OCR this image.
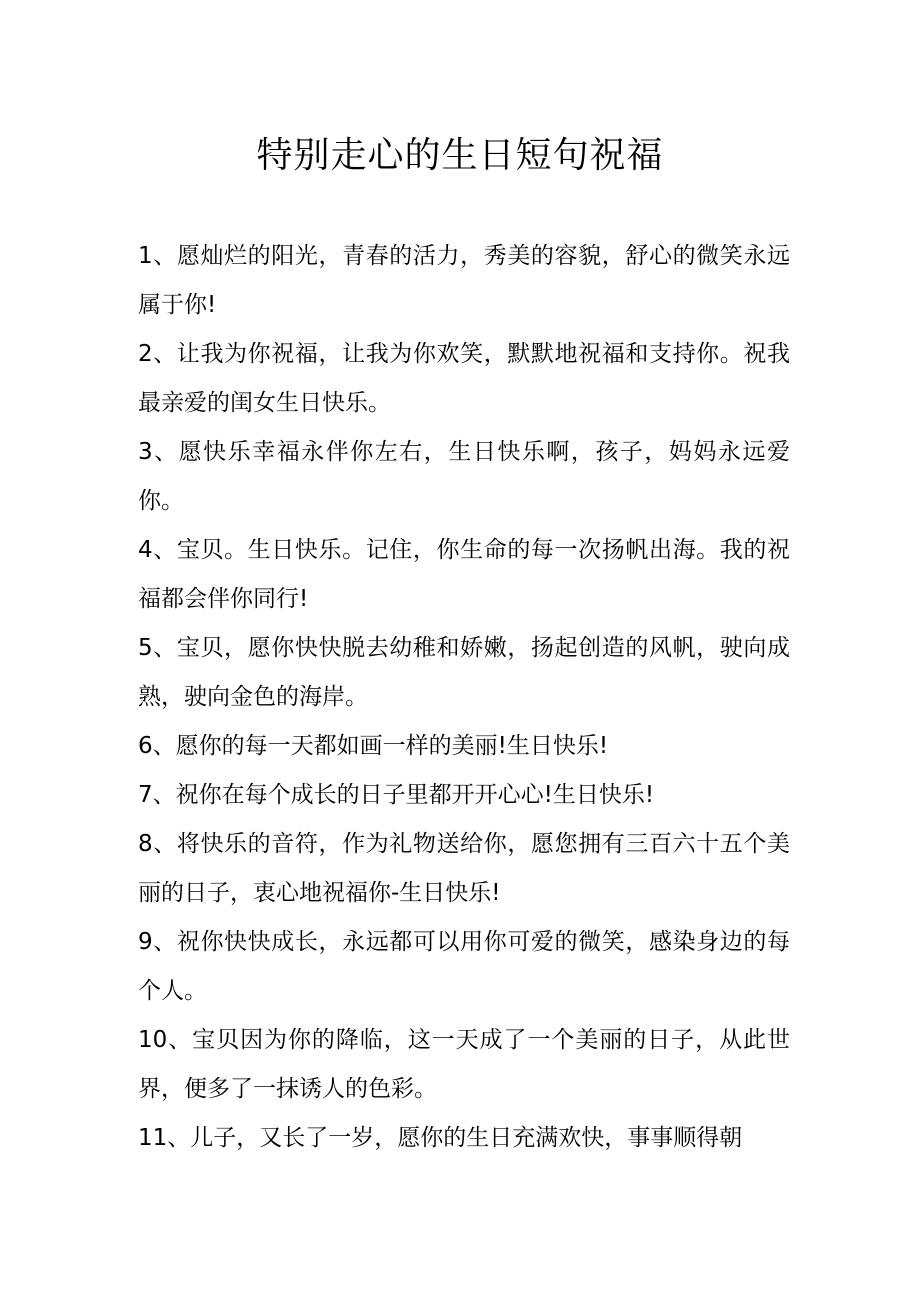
特别走心的生日短句祝福

1、愿灿烂的阳光，青春的活力，秀美的容貌，舒心的微笑永远属于你!

2、让我为你祝福，让我为你欢笑，默默地祝福和支持你。祝我最亲爱的闺女生日快乐。

3、愿快乐幸福永伴你左右，生日快乐啊，孩子，妈妈永远爱你。

4、宝贝。生日快乐。记住，你生命的每一次扬帆出海。我的祝福都会伴你同行!

5、宝贝，愿你快快脱去幼稚和娇嫩，扬起创造的风帆，驶向成熟，驶向金色的海岸。

6、愿你的每一天都如画一样的美丽!生日快乐!

7、祝你在每个成长的日子里都开开心心!生日快乐!

8、将快乐的音符，作为礼物送给你，愿您拥有三百六十五个美丽的日子，衷心地祝福你-生日快乐!

9、祝你快快成长，永远都可以用你可爱的微笑，感染身边的每个人。

10、宝贝因为你的降临，这一天成了一个美丽的日子，从此世界，便多了一抹诱人的色彩。

11、儿子，又长了一岁，愿你的生日充满欢快，事事顺得朝
